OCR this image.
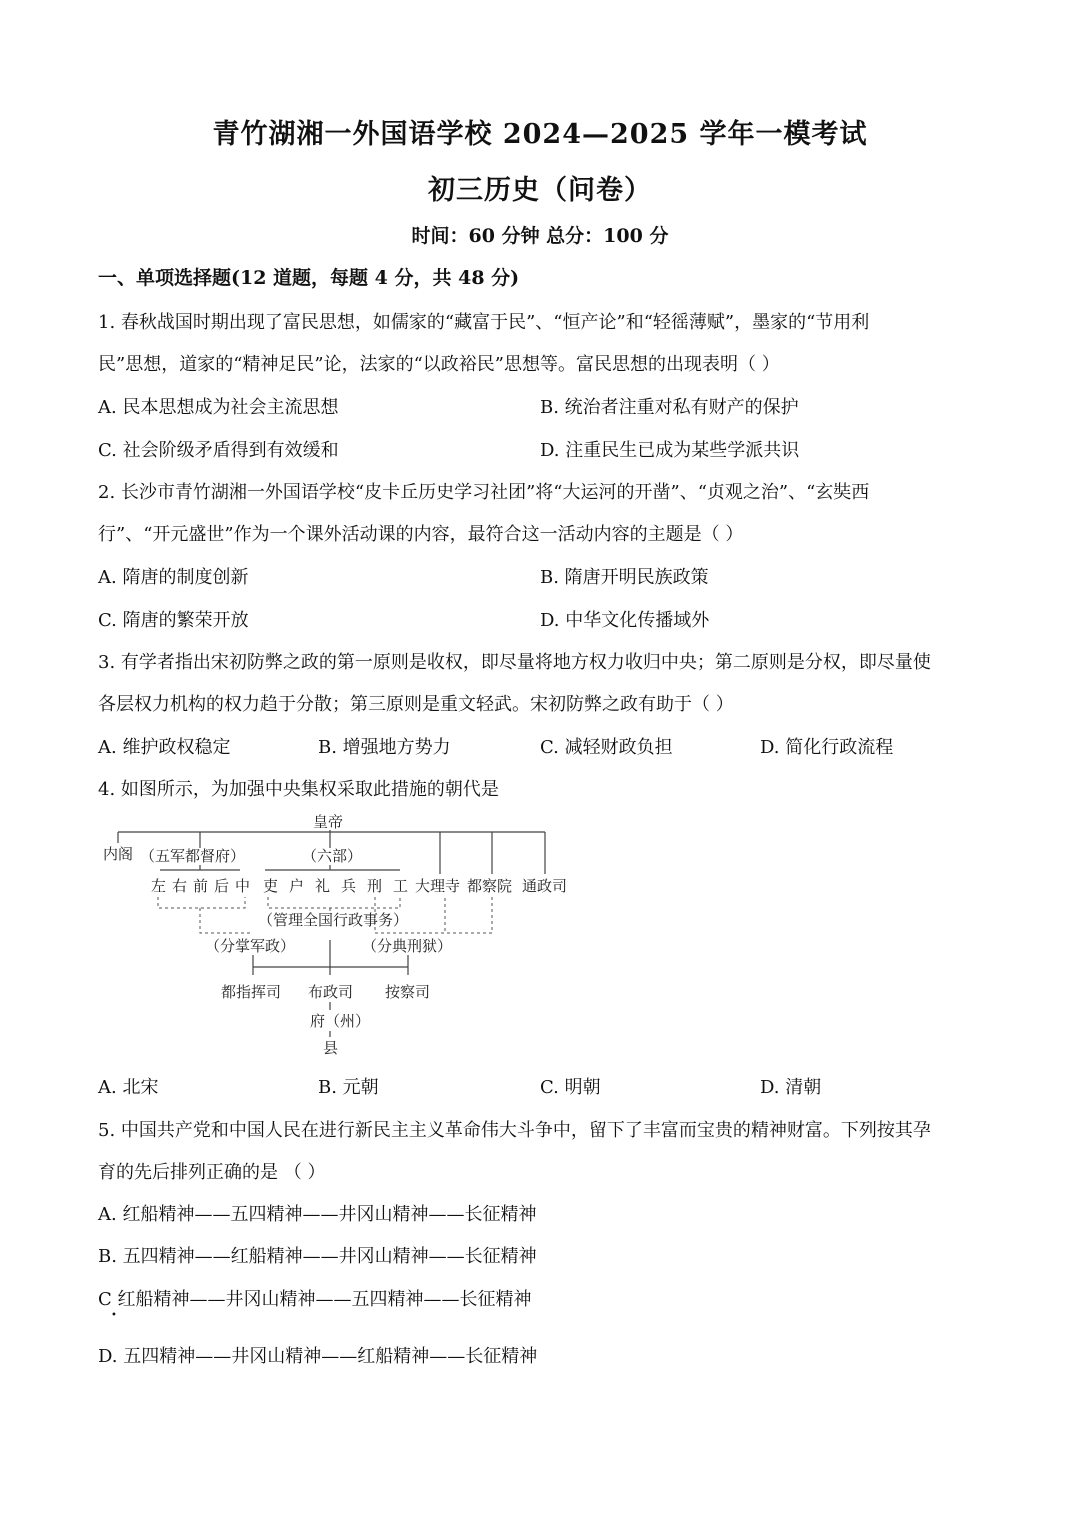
青竹湖湘一外国语学校 2024—2025 学年一模考试
初三历史（问卷）
时间：60 分钟 总分：100 分
一、单项选择题(12 道题，每题 4 分，共 48 分)
1. 春秋战国时期出现了富民思想，如儒家的“藏富于民”、“恒产论”和“轻徭薄赋”，墨家的“节用利
民”思想，道家的“精神足民”论，法家的“以政裕民”思想等。富民思想的出现表明（ ）
A. 民本思想成为社会主流思想	B. 统治者注重对私有财产的保护
C. 社会阶级矛盾得到有效缓和	D. 注重民生已成为某些学派共识
2. 长沙市青竹湖湘一外国语学校“皮卡丘历史学习社团”将“大运河的开凿”、“贞观之治”、“玄奘西
行”、“开元盛世”作为一个课外活动课的内容，最符合这一活动内容的主题是（ ）
A. 隋唐的制度创新	B. 隋唐开明民族政策
C. 隋唐的繁荣开放	D. 中华文化传播域外
3. 有学者指出宋初防弊之政的第一原则是收权，即尽量将地方权力收归中央；第二原则是分权，即尽量使
各层权力机构的权力趋于分散；第三原则是重文轻武。宋初防弊之政有助于（ ）
A. 维护政权稳定	B. 增强地方势力	C. 减轻财政负担	D. 简化行政流程
4. 如图所示，为加强中央集权采取此措施的朝代是
皇帝
内阁 （五军都督府）	（六部）
左 右 前 后 中 吏 户 礼 兵 刑 工 大理寺 都察院 通政司
（管理全国行政事务）
（分掌军政）	（分典刑狱）
都指挥司 布政司 按察司
府（州）
县
A. 北宋	B. 元朝	C. 明朝	D. 清朝
5. 中国共产党和中国人民在进行新民主主义革命伟大斗争中，留下了丰富而宝贵的精神财富。下列按其孕
育的先后排列正确的是 （ ）
A. 红船精神——五四精神——井冈山精神——长征精神
B. 五四精神——红船精神——井冈山精神——长征精神
C 红船精神——井冈山精神——五四精神——长征精神
•
D. 五四精神——井冈山精神——红船精神——长征精神
